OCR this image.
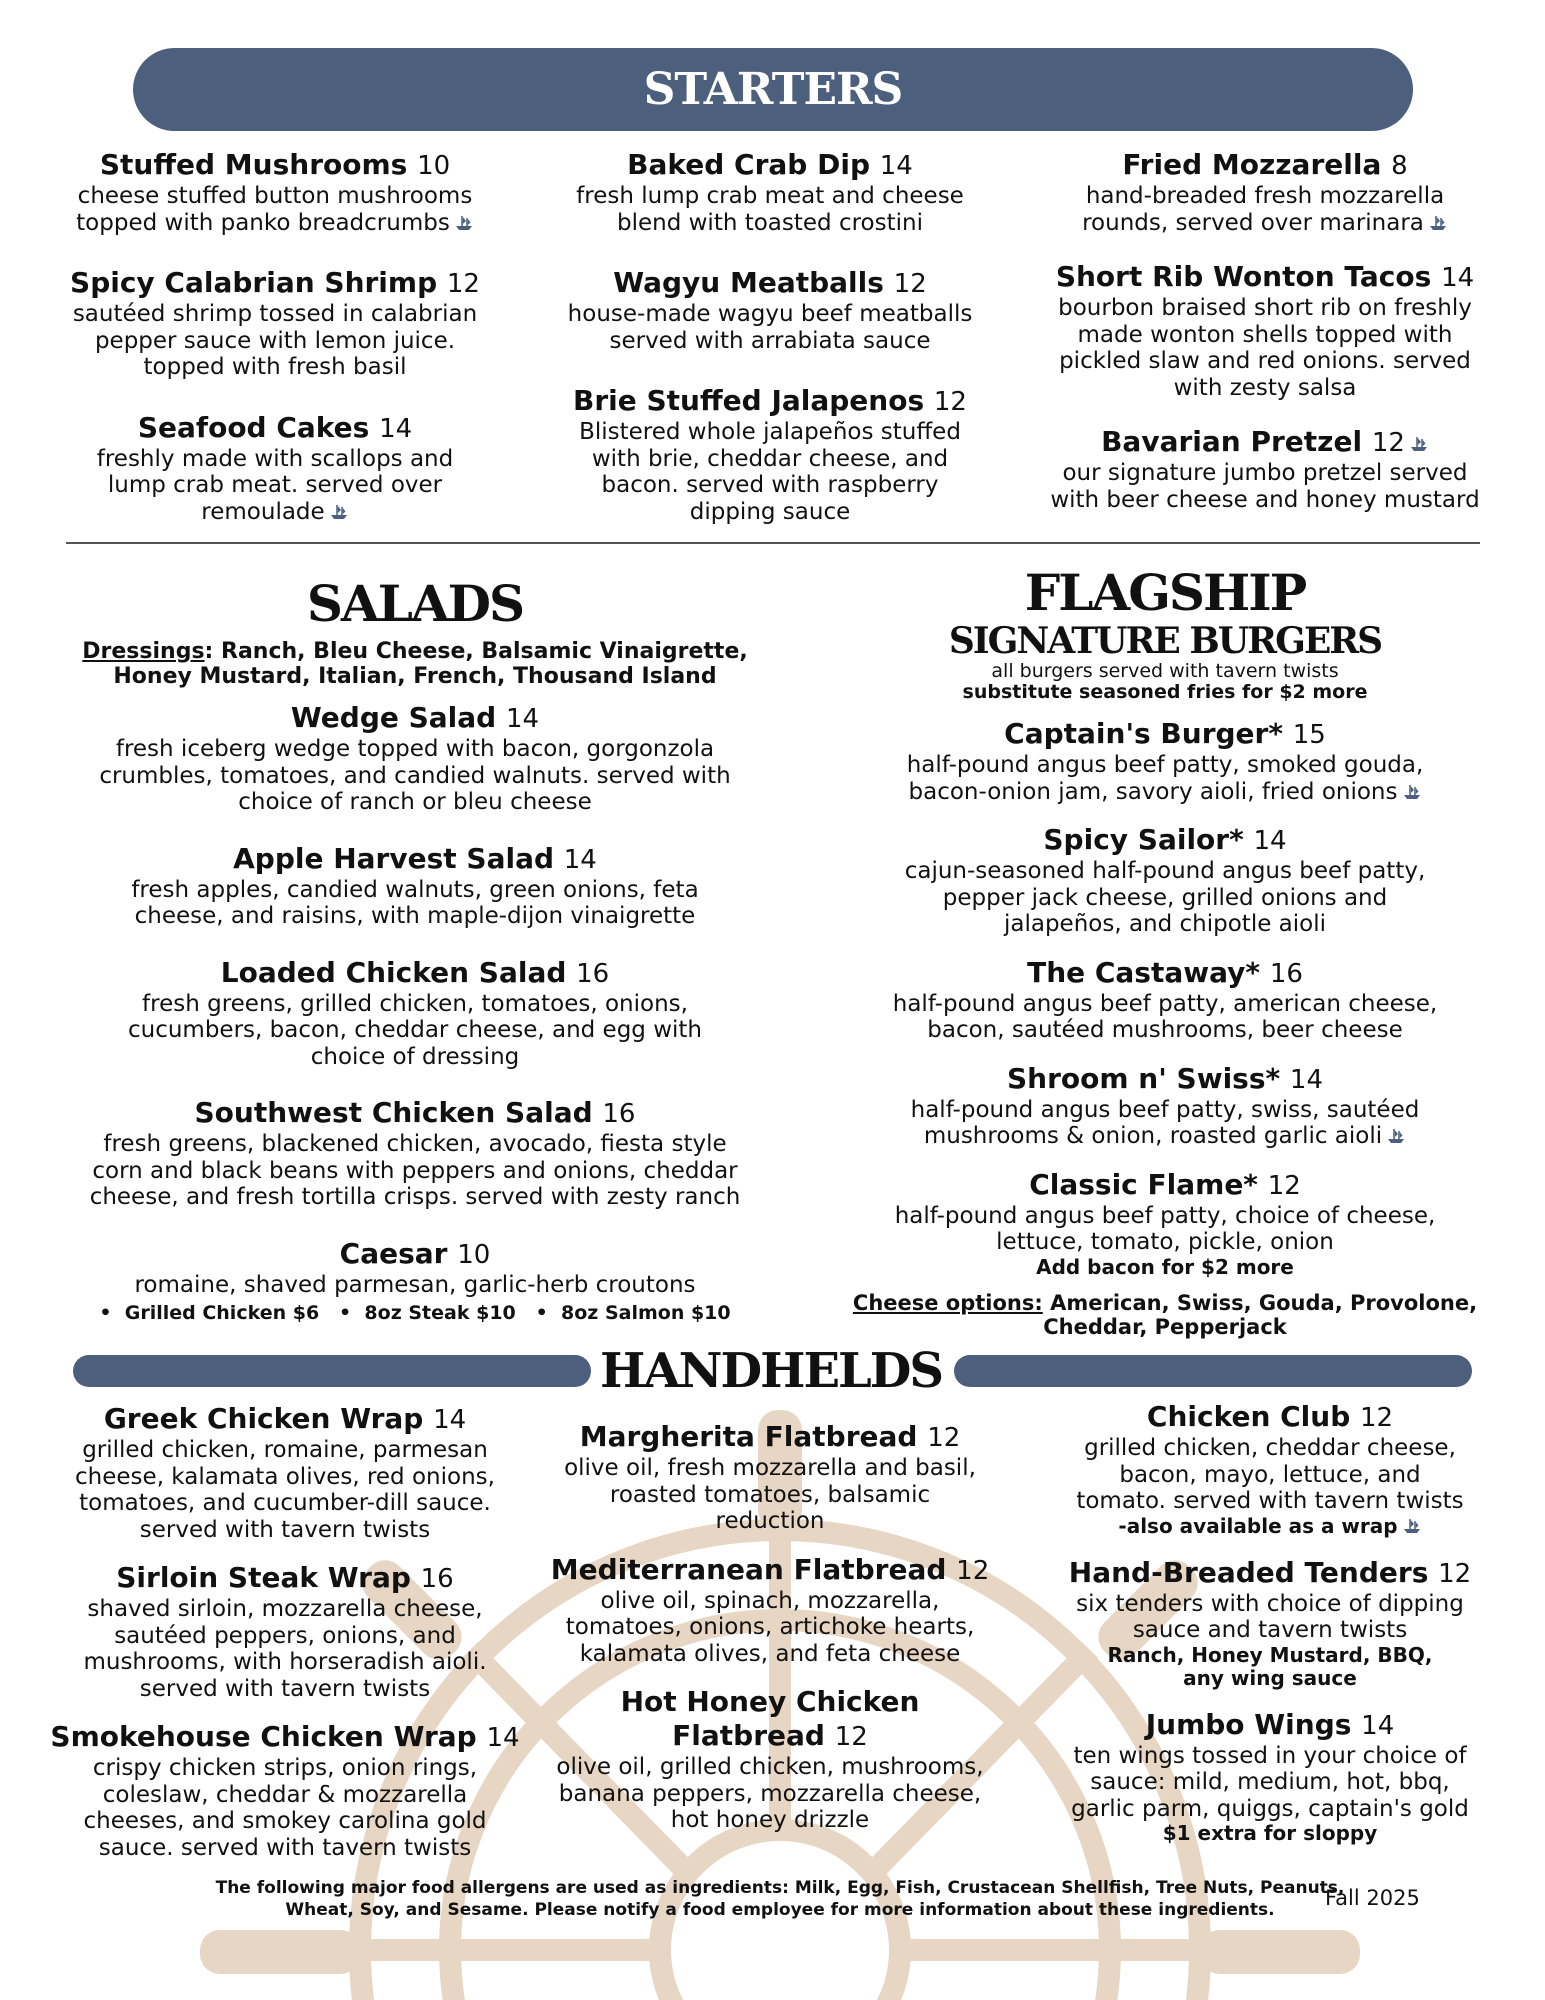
STARTERS
Stuffed Mushrooms 10
cheese stuffed button mushrooms
topped with panko breadcrumbs
Spicy Calabrian Shrimp 12
sautéed shrimp tossed in calabrian
pepper sauce with lemon juice.
topped with fresh basil
Seafood Cakes 14
freshly made with scallops and
lump crab meat. served over
remoulade
Baked Crab Dip 14
fresh lump crab meat and cheese
blend with toasted crostini
Wagyu Meatballs 12
house-made wagyu beef meatballs
served with arrabiata sauce
Brie Stuffed Jalapenos 12
Blistered whole jalapeños stuffed
with brie, cheddar cheese, and
bacon. served with raspberry
dipping sauce
Fried Mozzarella 8
hand-breaded fresh mozzarella
rounds, served over marinara
Short Rib Wonton Tacos 14
bourbon braised short rib on freshly
made wonton shells topped with
pickled slaw and red onions. served
with zesty salsa
Bavarian Pretzel 12
our signature jumbo pretzel served
with beer cheese and honey mustard
SALADS
Dressings: Ranch, Bleu Cheese, Balsamic Vinaigrette,
Honey Mustard, Italian, French, Thousand Island
Wedge Salad 14
fresh iceberg wedge topped with bacon, gorgonzola
crumbles, tomatoes, and candied walnuts. served with
choice of ranch or bleu cheese
Apple Harvest Salad 14
fresh apples, candied walnuts, green onions, feta
cheese, and raisins, with maple-dijon vinaigrette
Loaded Chicken Salad 16
fresh greens, grilled chicken, tomatoes, onions,
cucumbers, bacon, cheddar cheese, and egg with
choice of dressing
Southwest Chicken Salad 16
fresh greens, blackened chicken, avocado, fiesta style
corn and black beans with peppers and onions, cheddar
cheese, and fresh tortilla crisps. served with zesty ranch
Caesar 10
romaine, shaved parmesan, garlic-herb croutons
•  Grilled Chicken $6   •  8oz Steak $10   •  8oz Salmon $10
FLAGSHIP
SIGNATURE BURGERS
all burgers served with tavern twists
substitute seasoned fries for $2 more
Captain's Burger* 15
half-pound angus beef patty, smoked gouda,
bacon-onion jam, savory aioli, fried onions
Spicy Sailor* 14
cajun-seasoned half-pound angus beef patty,
pepper jack cheese, grilled onions and
jalapeños, and chipotle aioli
The Castaway* 16
half-pound angus beef patty, american cheese,
bacon, sautéed mushrooms, beer cheese
Shroom n' Swiss* 14
half-pound angus beef patty, swiss, sautéed
mushrooms & onion, roasted garlic aioli
Classic Flame* 12
half-pound angus beef patty, choice of cheese,
lettuce, tomato, pickle, onion
Add bacon for $2 more
Cheese options: American, Swiss, Gouda, Provolone,
Cheddar, Pepperjack
HANDHELDS
Greek Chicken Wrap 14
grilled chicken, romaine, parmesan
cheese, kalamata olives, red onions,
tomatoes, and cucumber-dill sauce.
served with tavern twists
Sirloin Steak Wrap 16
shaved sirloin, mozzarella cheese,
sautéed peppers, onions, and
mushrooms, with horseradish aioli.
served with tavern twists
Smokehouse Chicken Wrap 14
crispy chicken strips, onion rings,
coleslaw, cheddar & mozzarella
cheeses, and smokey carolina gold
sauce. served with tavern twists
Margherita Flatbread 12
olive oil, fresh mozzarella and basil,
roasted tomatoes, balsamic
reduction
Mediterranean Flatbread 12
olive oil, spinach, mozzarella,
tomatoes, onions, artichoke hearts,
kalamata olives, and feta cheese
Hot Honey Chicken
Flatbread 12
olive oil, grilled chicken, mushrooms,
banana peppers, mozzarella cheese,
hot honey drizzle
Chicken Club 12
grilled chicken, cheddar cheese,
bacon, mayo, lettuce, and
tomato. served with tavern twists
-also available as a wrap
Hand-Breaded Tenders 12
six tenders with choice of dipping
sauce and tavern twists
Ranch, Honey Mustard, BBQ,
any wing sauce
Jumbo Wings 14
ten wings tossed in your choice of
sauce: mild, medium, hot, bbq,
garlic parm, quiggs, captain's gold
$1 extra for sloppy
The following major food allergens are used as ingredients: Milk, Egg, Fish, Crustacean Shellfish, Tree Nuts, Peanuts,
Wheat, Soy, and Sesame. Please notify a food employee for more information about these ingredients.	Fall 2025
